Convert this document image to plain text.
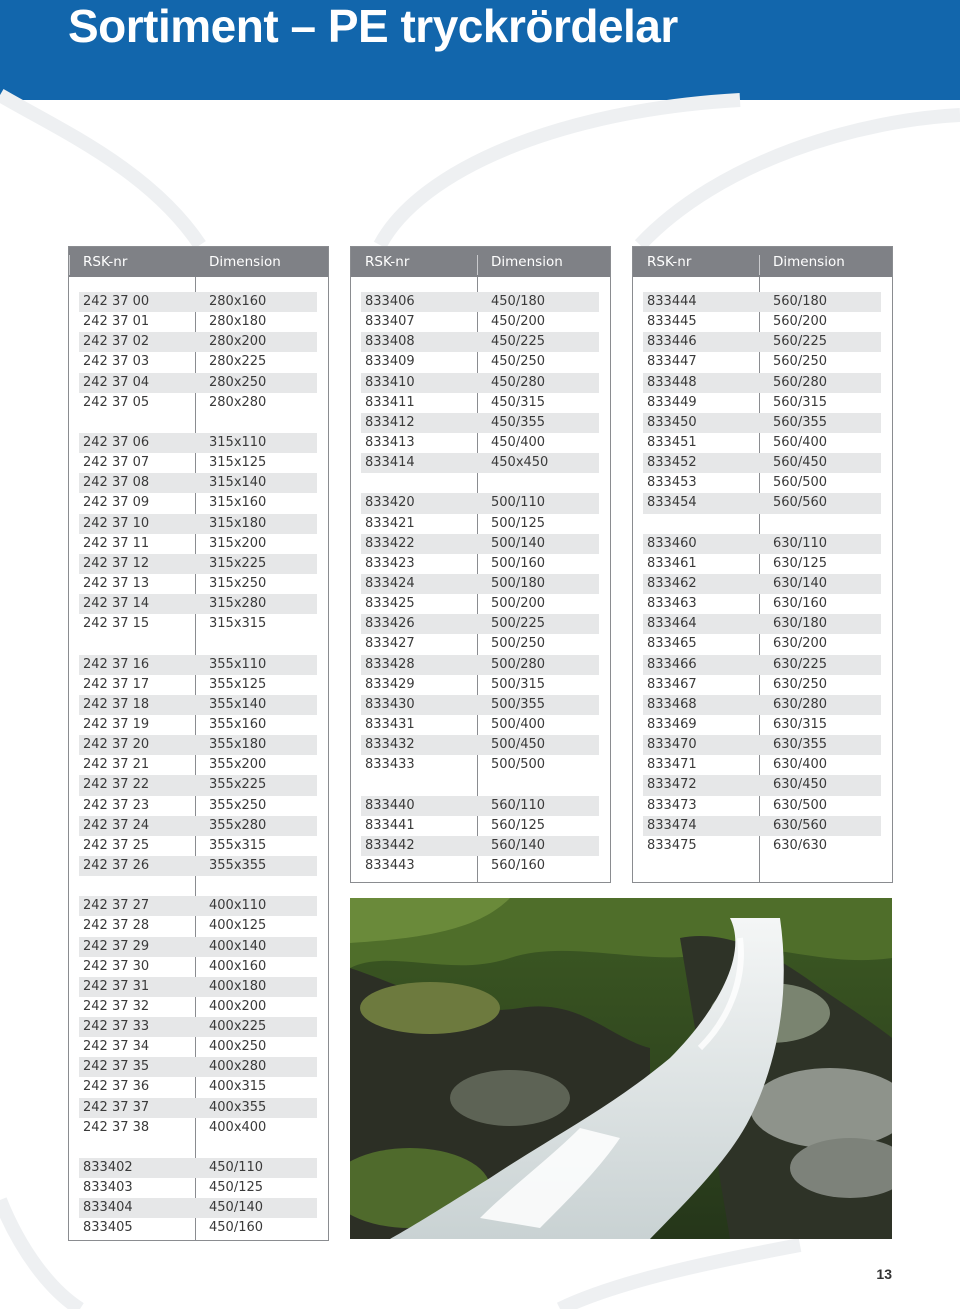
Sortiment – PE tryckrördelar
RSK-nr	Dimension
242 37 00	280x160
242 37 01	280x180
242 37 02	280x200
242 37 03	280x225
242 37 04	280x250
242 37 05	280x280
242 37 06	315x110
242 37 07	315x125
242 37 08	315x140
242 37 09	315x160
242 37 10	315x180
242 37 11	315x200
242 37 12	315x225
242 37 13	315x250
242 37 14	315x280
242 37 15	315x315
242 37 16	355x110
242 37 17	355x125
242 37 18	355x140
242 37 19	355x160
242 37 20	355x180
242 37 21	355x200
242 37 22	355x225
242 37 23	355x250
242 37 24	355x280
242 37 25	355x315
242 37 26	355x355
242 37 27	400x110
242 37 28	400x125
242 37 29	400x140
242 37 30	400x160
242 37 31	400x180
242 37 32	400x200
242 37 33	400x225
242 37 34	400x250
242 37 35	400x280
242 37 36	400x315
242 37 37	400x355
242 37 38	400x400
833402	450/110
833403	450/125
833404	450/140
833405	450/160
RSK-nr	Dimension
833406	450/180
833407	450/200
833408	450/225
833409	450/250
833410	450/280
833411	450/315
833412	450/355
833413	450/400
833414	450x450
833420	500/110
833421	500/125
833422	500/140
833423	500/160
833424	500/180
833425	500/200
833426	500/225
833427	500/250
833428	500/280
833429	500/315
833430	500/355
833431	500/400
833432	500/450
833433	500/500
833440	560/110
833441	560/125
833442	560/140
833443	560/160
RSK-nr	Dimension
833444	560/180
833445	560/200
833446	560/225
833447	560/250
833448	560/280
833449	560/315
833450	560/355
833451	560/400
833452	560/450
833453	560/500
833454	560/560
833460	630/110
833461	630/125
833462	630/140
833463	630/160
833464	630/180
833465	630/200
833466	630/225
833467	630/250
833468	630/280
833469	630/315
833470	630/355
833471	630/400
833472	630/450
833473	630/500
833474	630/560
833475	630/630
13
